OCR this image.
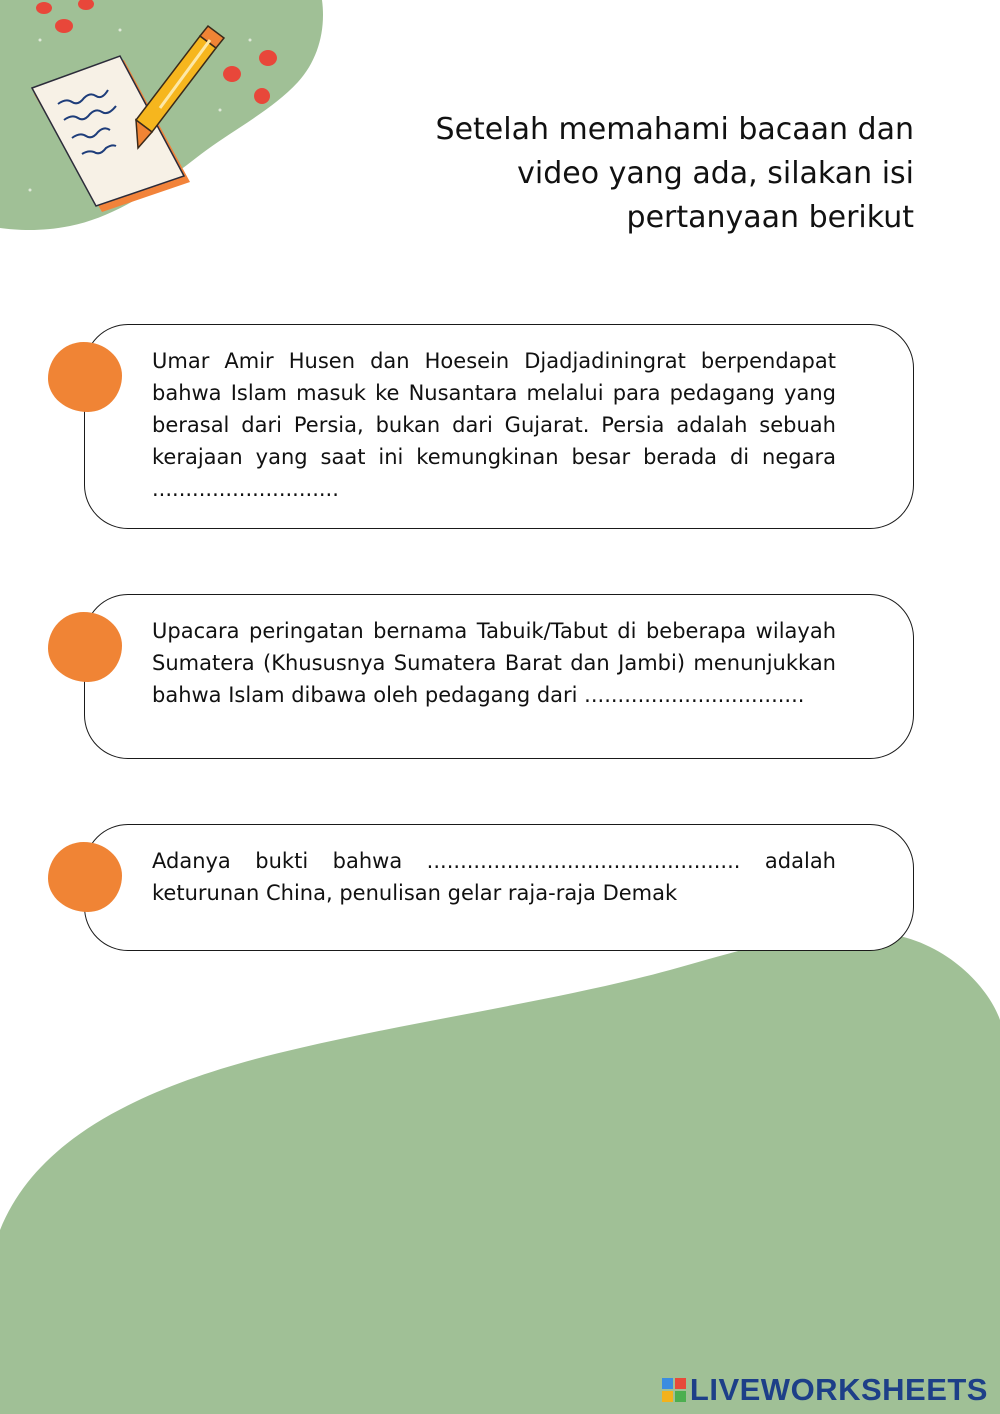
Setelah memahami bacaan dan
video yang ada, silakan isi
pertanyaan berikut
Umar Amir Husen dan Hoesein Djadjadiningrat berpendapat bahwa Islam masuk ke Nusantara melalui para pedagang yang berasal dari Persia, bukan dari Gujarat. Persia adalah sebuah kerajaan yang saat ini kemungkinan besar berada di negara ............................
Upacara peringatan bernama Tabuik/Tabut di beberapa wilayah Sumatera (Khususnya Sumatera Barat dan Jambi) menunjukkan bahwa Islam dibawa oleh pedagang dari .................................
Adanya bukti bahwa ............................................... adalah keturunan China, penulisan gelar raja-raja Demak
LIVEWORKSHEETS
